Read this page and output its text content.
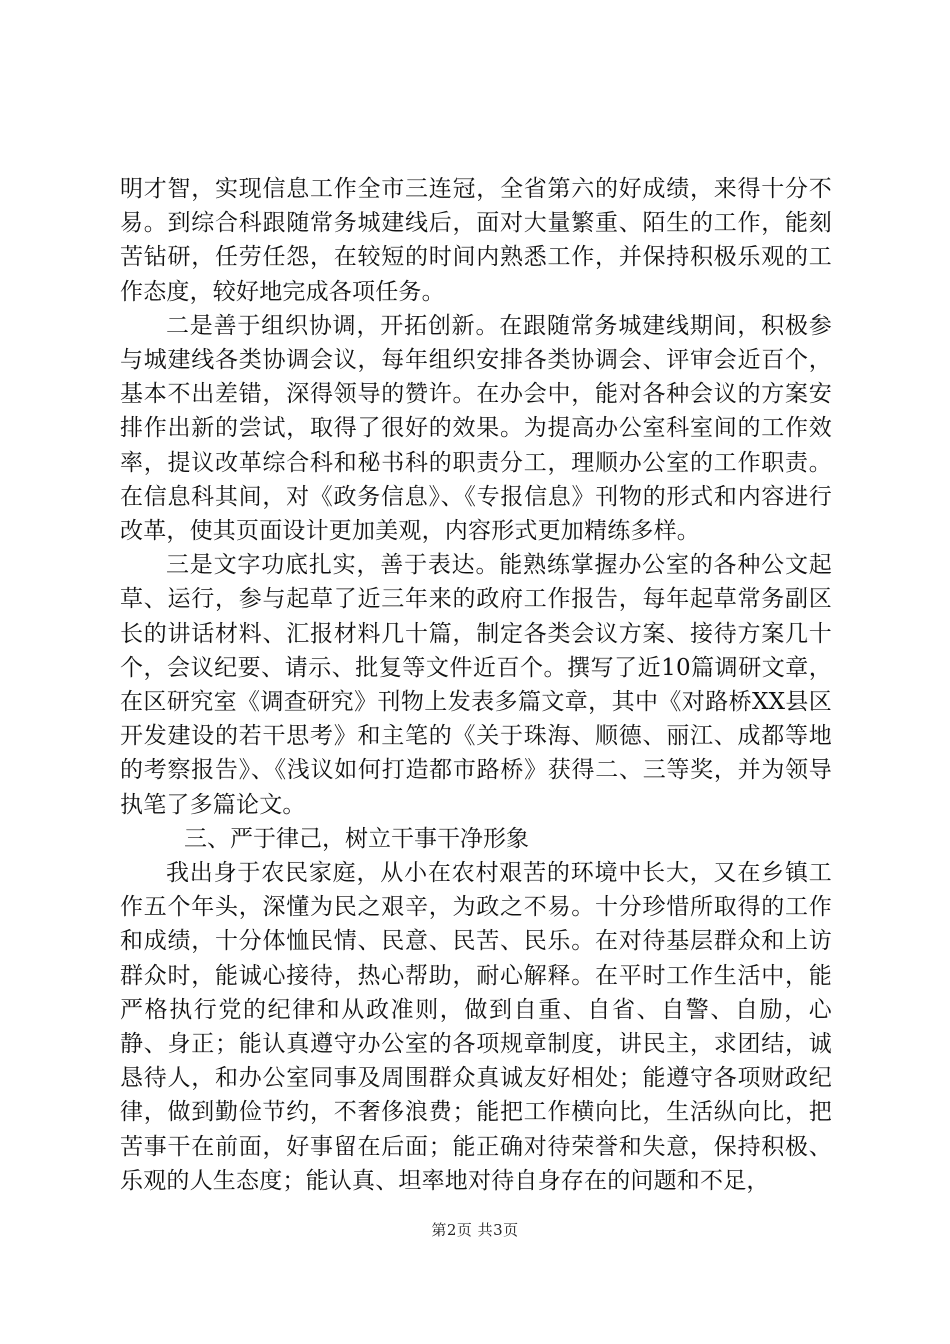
明才智，实现信息工作全市三连冠，全省第六的好成绩，来得十分不易。到综合科跟随常务城建线后，面对大量繁重、陌生的工作，能刻苦钻研，任劳任怨，在较短的时间内熟悉工作，并保持积极乐观的工作态度，较好地完成各项任务。

二是善于组织协调，开拓创新。在跟随常务城建线期间，积极参与城建线各类协调会议，每年组织安排各类协调会、评审会近百个，基本不出差错，深得领导的赞许。在办会中，能对各种会议的方案安排作出新的尝试，取得了很好的效果。为提高办公室科室间的工作效率，提议改革综合科和秘书科的职责分工，理顺办公室的工作职责。在信息科其间，对《政务信息》、《专报信息》刊物的形式和内容进行改革，使其页面设计更加美观，内容形式更加精练多样。

三是文字功底扎实，善于表达。能熟练掌握办公室的各种公文起草、运行，参与起草了近三年来的政府工作报告，每年起草常务副区长的讲话材料、汇报材料几十篇，制定各类会议方案、接待方案几十个，会议纪要、请示、批复等文件近百个。撰写了近10篇调研文章，在区研究室《调查研究》刊物上发表多篇文章，其中《对路桥XX县区开发建设的若干思考》和主笔的《关于珠海、顺德、丽江、成都等地的考察报告》、《浅议如何打造都市路桥》获得二、三等奖，并为领导执笔了多篇论文。

三、严于律己，树立干事干净形象

我出身于农民家庭，从小在农村艰苦的环境中长大，又在乡镇工作五个年头，深懂为民之艰辛，为政之不易。十分珍惜所取得的工作和成绩，十分体恤民情、民意、民苦、民乐。在对待基层群众和上访群众时，能诚心接待，热心帮助，耐心解释。在平时工作生活中，能严格执行党的纪律和从政准则，做到自重、自省、自警、自励，心静、身正；能认真遵守办公室的各项规章制度，讲民主，求团结，诚恳待人，和办公室同事及周围群众真诚友好相处；能遵守各项财政纪律，做到勤俭节约，不奢侈浪费；能把工作横向比，生活纵向比，把苦事干在前面，好事留在后面；能正确对待荣誉和失意，保持积极、乐观的人生态度；能认真、坦率地对待自身存在的问题和不足，

第2页 共3页
